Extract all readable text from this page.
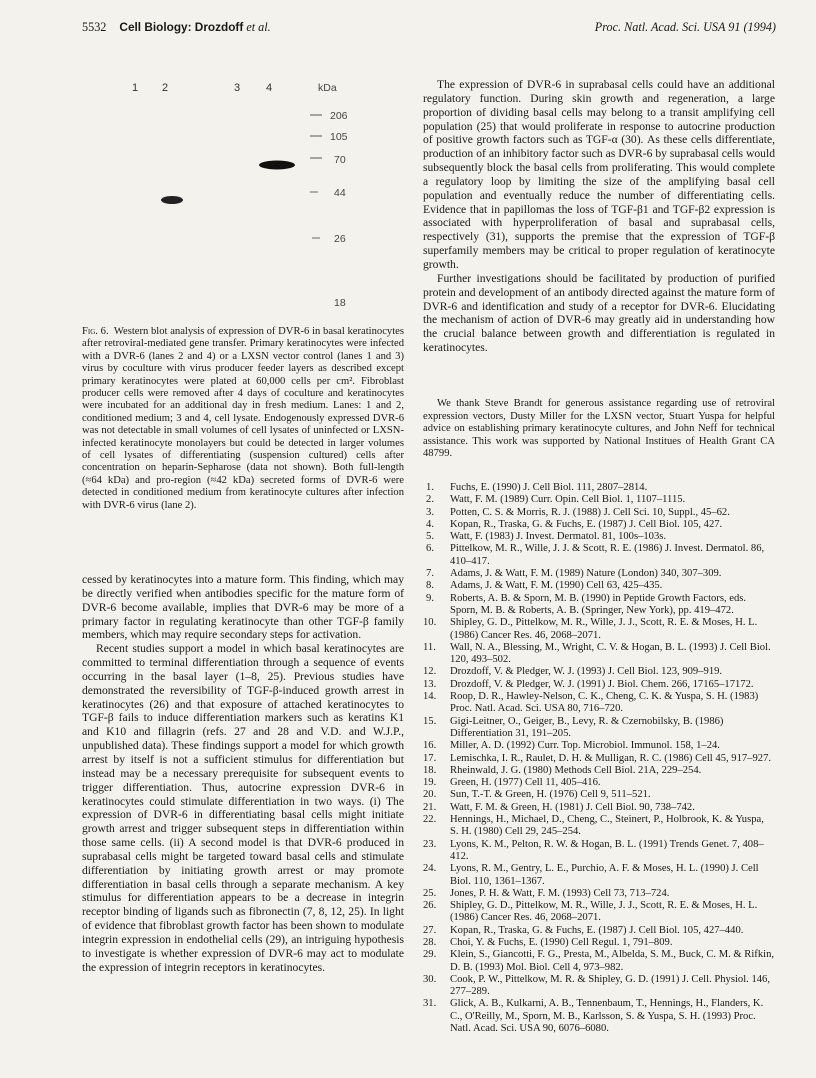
5532 Cell Biology: Drozdoff et al.	Proc. Natl. Acad. Sci. USA 91 (1994)
1 2	3 4	kDa
206
105
70
44
26
18
Fig. 6. Western blot analysis of expression of DVR-6 in basal keratinocytes after retroviral-mediated gene transfer. Primary keratinocytes were infected with a DVR-6 (lanes 2 and 4) or a LXSN vector control (lanes 1 and 3) virus by coculture with virus producer feeder layers as described except primary keratinocytes were plated at 60,000 cells per cm². Fibroblast producer cells were removed after 4 days of coculture and keratinocytes were incubated for an additional day in fresh medium. Lanes: 1 and 2, conditioned medium; 3 and 4, cell lysate. Endogenously expressed DVR-6 was not detectable in small volumes of cell lysates of uninfected or LXSN-infected keratinocyte monolayers but could be detected in larger volumes of cell lysates of differentiating (suspension cultured) cells after concentration on heparin-Sepharose (data not shown). Both full-length (≈64 kDa) and pro-region (≈42 kDa) secreted forms of DVR-6 were detected in conditioned medium from keratinocyte cultures after infection with DVR-6 virus (lane 2).

cessed by keratinocytes into a mature form. This finding, which may be directly verified when antibodies specific for the mature form of DVR-6 become available, implies that DVR-6 may be more of a primary factor in regulating keratinocyte than other TGF-β family members, which may require secondary steps for activation.

Recent studies support a model in which basal keratinocytes are committed to terminal differentiation through a sequence of events occurring in the basal layer (1–8, 25). Previous studies have demonstrated the reversibility of TGF-β-induced growth arrest in keratinocytes (26) and that exposure of attached keratinocytes to TGF-β fails to induce differentiation markers such as keratins K1 and K10 and fillagrin (refs. 27 and 28 and V.D. and W.J.P., unpublished data). These findings support a model for which growth arrest by itself is not a sufficient stimulus for differentiation but instead may be a necessary prerequisite for subsequent events to trigger differentiation. Thus, autocrine expression DVR-6 in keratinocytes could stimulate differentiation in two ways. (i) The expression of DVR-6 in differentiating basal cells might initiate growth arrest and trigger subsequent steps in differentiation within those same cells. (ii) A second model is that DVR-6 produced in suprabasal cells might be targeted toward basal cells and stimulate differentiation by initiating growth arrest or may promote differentiation in basal cells through a separate mechanism. A key stimulus for differentiation appears to be a decrease in integrin receptor binding of ligands such as fibronectin (7, 8, 12, 25). In light of evidence that fibroblast growth factor has been shown to modulate integrin expression in endothelial cells (29), an intriguing hypothesis to investigate is whether expression of DVR-6 may act to modulate the expression of integrin receptors in keratinocytes.

The expression of DVR-6 in suprabasal cells could have an additional regulatory function. During skin growth and regeneration, a large proportion of dividing basal cells may belong to a transit amplifying cell population (25) that would proliferate in response to autocrine production of positive growth factors such as TGF-α (30). As these cells differentiate, production of an inhibitory factor such as DVR-6 by suprabasal cells would subsequently block the basal cells from proliferating. This would complete a regulatory loop by limiting the size of the amplifying basal cell population and eventually reduce the number of differentiating cells. Evidence that in papillomas the loss of TGF-β1 and TGF-β2 expression is associated with hyperproliferation of basal and suprabasal cells, respectively (31), supports the premise that the expression of TGF-β superfamily members may be critical to proper regulation of keratinocyte growth.

Further investigations should be facilitated by production of purified protein and development of an antibody directed against the mature form of DVR-6 and identification and study of a receptor for DVR-6. Elucidating the mechanism of action of DVR-6 may greatly aid in understanding how the crucial balance between growth and differentiation is regulated in keratinocytes.

We thank Steve Brandt for generous assistance regarding use of retroviral expression vectors, Dusty Miller for the LXSN vector, Stuart Yuspa for helpful advice on establishing primary keratinocyte cultures, and John Neff for technical assistance. This work was supported by National Institues of Health Grant CA 48799.

1. Fuchs, E. (1990) J. Cell Biol. 111, 2807–2814.
2. Watt, F. M. (1989) Curr. Opin. Cell Biol. 1, 1107–1115.
3. Potten, C. S. & Morris, R. J. (1988) J. Cell Sci. 10, Suppl., 45–62.
4. Kopan, R., Traska, G. & Fuchs, E. (1987) J. Cell Biol. 105, 427.
5. Watt, F. (1983) J. Invest. Dermatol. 81, 100s–103s.
6. Pittelkow, M. R., Wille, J. J. & Scott, R. E. (1986) J. Invest. Dermatol. 86, 410–417.
7. Adams, J. & Watt, F. M. (1989) Nature (London) 340, 307–309.
8. Adams, J. & Watt, F. M. (1990) Cell 63, 425–435.
9. Roberts, A. B. & Sporn, M. B. (1990) in Peptide Growth Factors, eds. Sporn, M. B. & Roberts, A. B. (Springer, New York), pp. 419–472.
10. Shipley, G. D., Pittelkow, M. R., Wille, J. J., Scott, R. E. & Moses, H. L. (1986) Cancer Res. 46, 2068–2071.
11. Wall, N. A., Blessing, M., Wright, C. V. & Hogan, B. L. (1993) J. Cell Biol. 120, 493–502.
12. Drozdoff, V. & Pledger, W. J. (1993) J. Cell Biol. 123, 909–919.
13. Drozdoff, V. & Pledger, W. J. (1991) J. Biol. Chem. 266, 17165–17172.
14. Roop, D. R., Hawley-Nelson, C. K., Cheng, C. K. & Yuspa, S. H. (1983) Proc. Natl. Acad. Sci. USA 80, 716–720.
15. Gigi-Leitner, O., Geiger, B., Levy, R. & Czernobilsky, B. (1986) Differentiation 31, 191–205.
16. Miller, A. D. (1992) Curr. Top. Microbiol. Immunol. 158, 1–24.
17. Lemischka, I. R., Raulet, D. H. & Mulligan, R. C. (1986) Cell 45, 917–927.
18. Rheinwald, J. G. (1980) Methods Cell Biol. 21A, 229–254.
19. Green, H. (1977) Cell 11, 405–416.
20. Sun, T.-T. & Green, H. (1976) Cell 9, 511–521.
21. Watt, F. M. & Green, H. (1981) J. Cell Biol. 90, 738–742.
22. Hennings, H., Michael, D., Cheng, C., Steinert, P., Holbrook, K. & Yuspa, S. H. (1980) Cell 29, 245–254.
23. Lyons, K. M., Pelton, R. W. & Hogan, B. L. (1991) Trends Genet. 7, 408–412.
24. Lyons, R. M., Gentry, L. E., Purchio, A. F. & Moses, H. L. (1990) J. Cell Biol. 110, 1361–1367.
25. Jones, P. H. & Watt, F. M. (1993) Cell 73, 713–724.
26. Shipley, G. D., Pittelkow, M. R., Wille, J. J., Scott, R. E. & Moses, H. L. (1986) Cancer Res. 46, 2068–2071.
27. Kopan, R., Traska, G. & Fuchs, E. (1987) J. Cell Biol. 105, 427–440.
28. Choi, Y. & Fuchs, E. (1990) Cell Regul. 1, 791–809.
29. Klein, S., Giancotti, F. G., Presta, M., Albelda, S. M., Buck, C. M. & Rifkin, D. B. (1993) Mol. Biol. Cell 4, 973–982.
30. Cook, P. W., Pittelkow, M. R. & Shipley, G. D. (1991) J. Cell. Physiol. 146, 277–289.
31. Glick, A. B., Kulkarni, A. B., Tennenbaum, T., Hennings, H., Flanders, K. C., O'Reilly, M., Sporn, M. B., Karlsson, S. & Yuspa, S. H. (1993) Proc. Natl. Acad. Sci. USA 90, 6076–6080.
